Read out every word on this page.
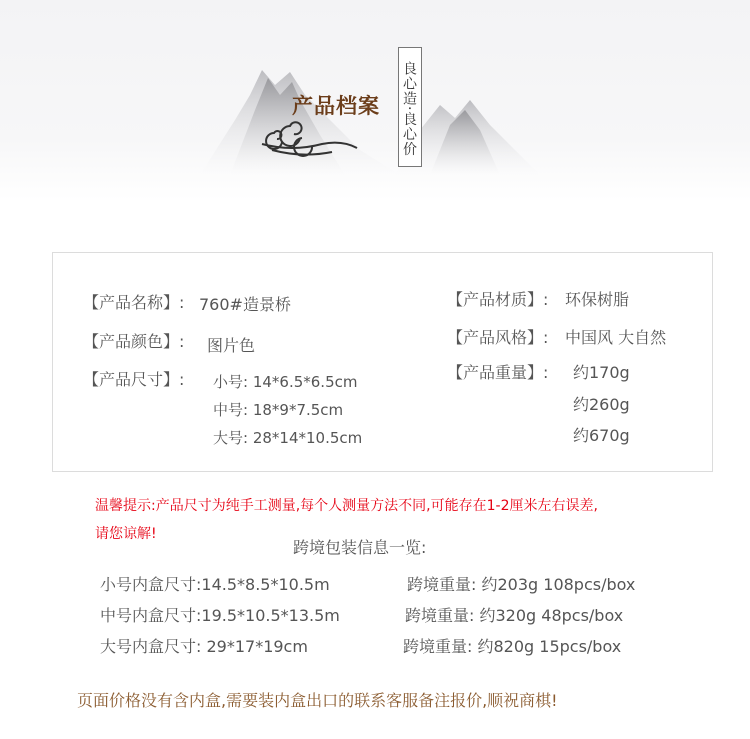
产品档案 良心造·良心价
【产品名称】: 760#造景桥
【产品颜色】: 图片色
【产品尺寸】: 小号: 14*6.5*6.5cm
中号: 18*9*7.5cm
大号: 28*14*10.5cm
【产品材质】: 环保树脂
【产品风格】: 中国风 大自然
【产品重量】: 约170g
约260g
约670g
温馨提示:产品尺寸为纯手工测量,每个人测量方法不同,可能存在1-2厘米左右误差,
请您谅解!
跨境包装信息一览:
小号内盒尺寸:14.5*8.5*10.5m	跨境重量: 约203g 108pcs/box
中号内盒尺寸:19.5*10.5*13.5m	跨境重量: 约320g 48pcs/box
大号内盒尺寸: 29*17*19cm	跨境重量: 约820g 15pcs/box
页面价格没有含内盒,需要装内盒出口的联系客服备注报价,顺祝商棋!
